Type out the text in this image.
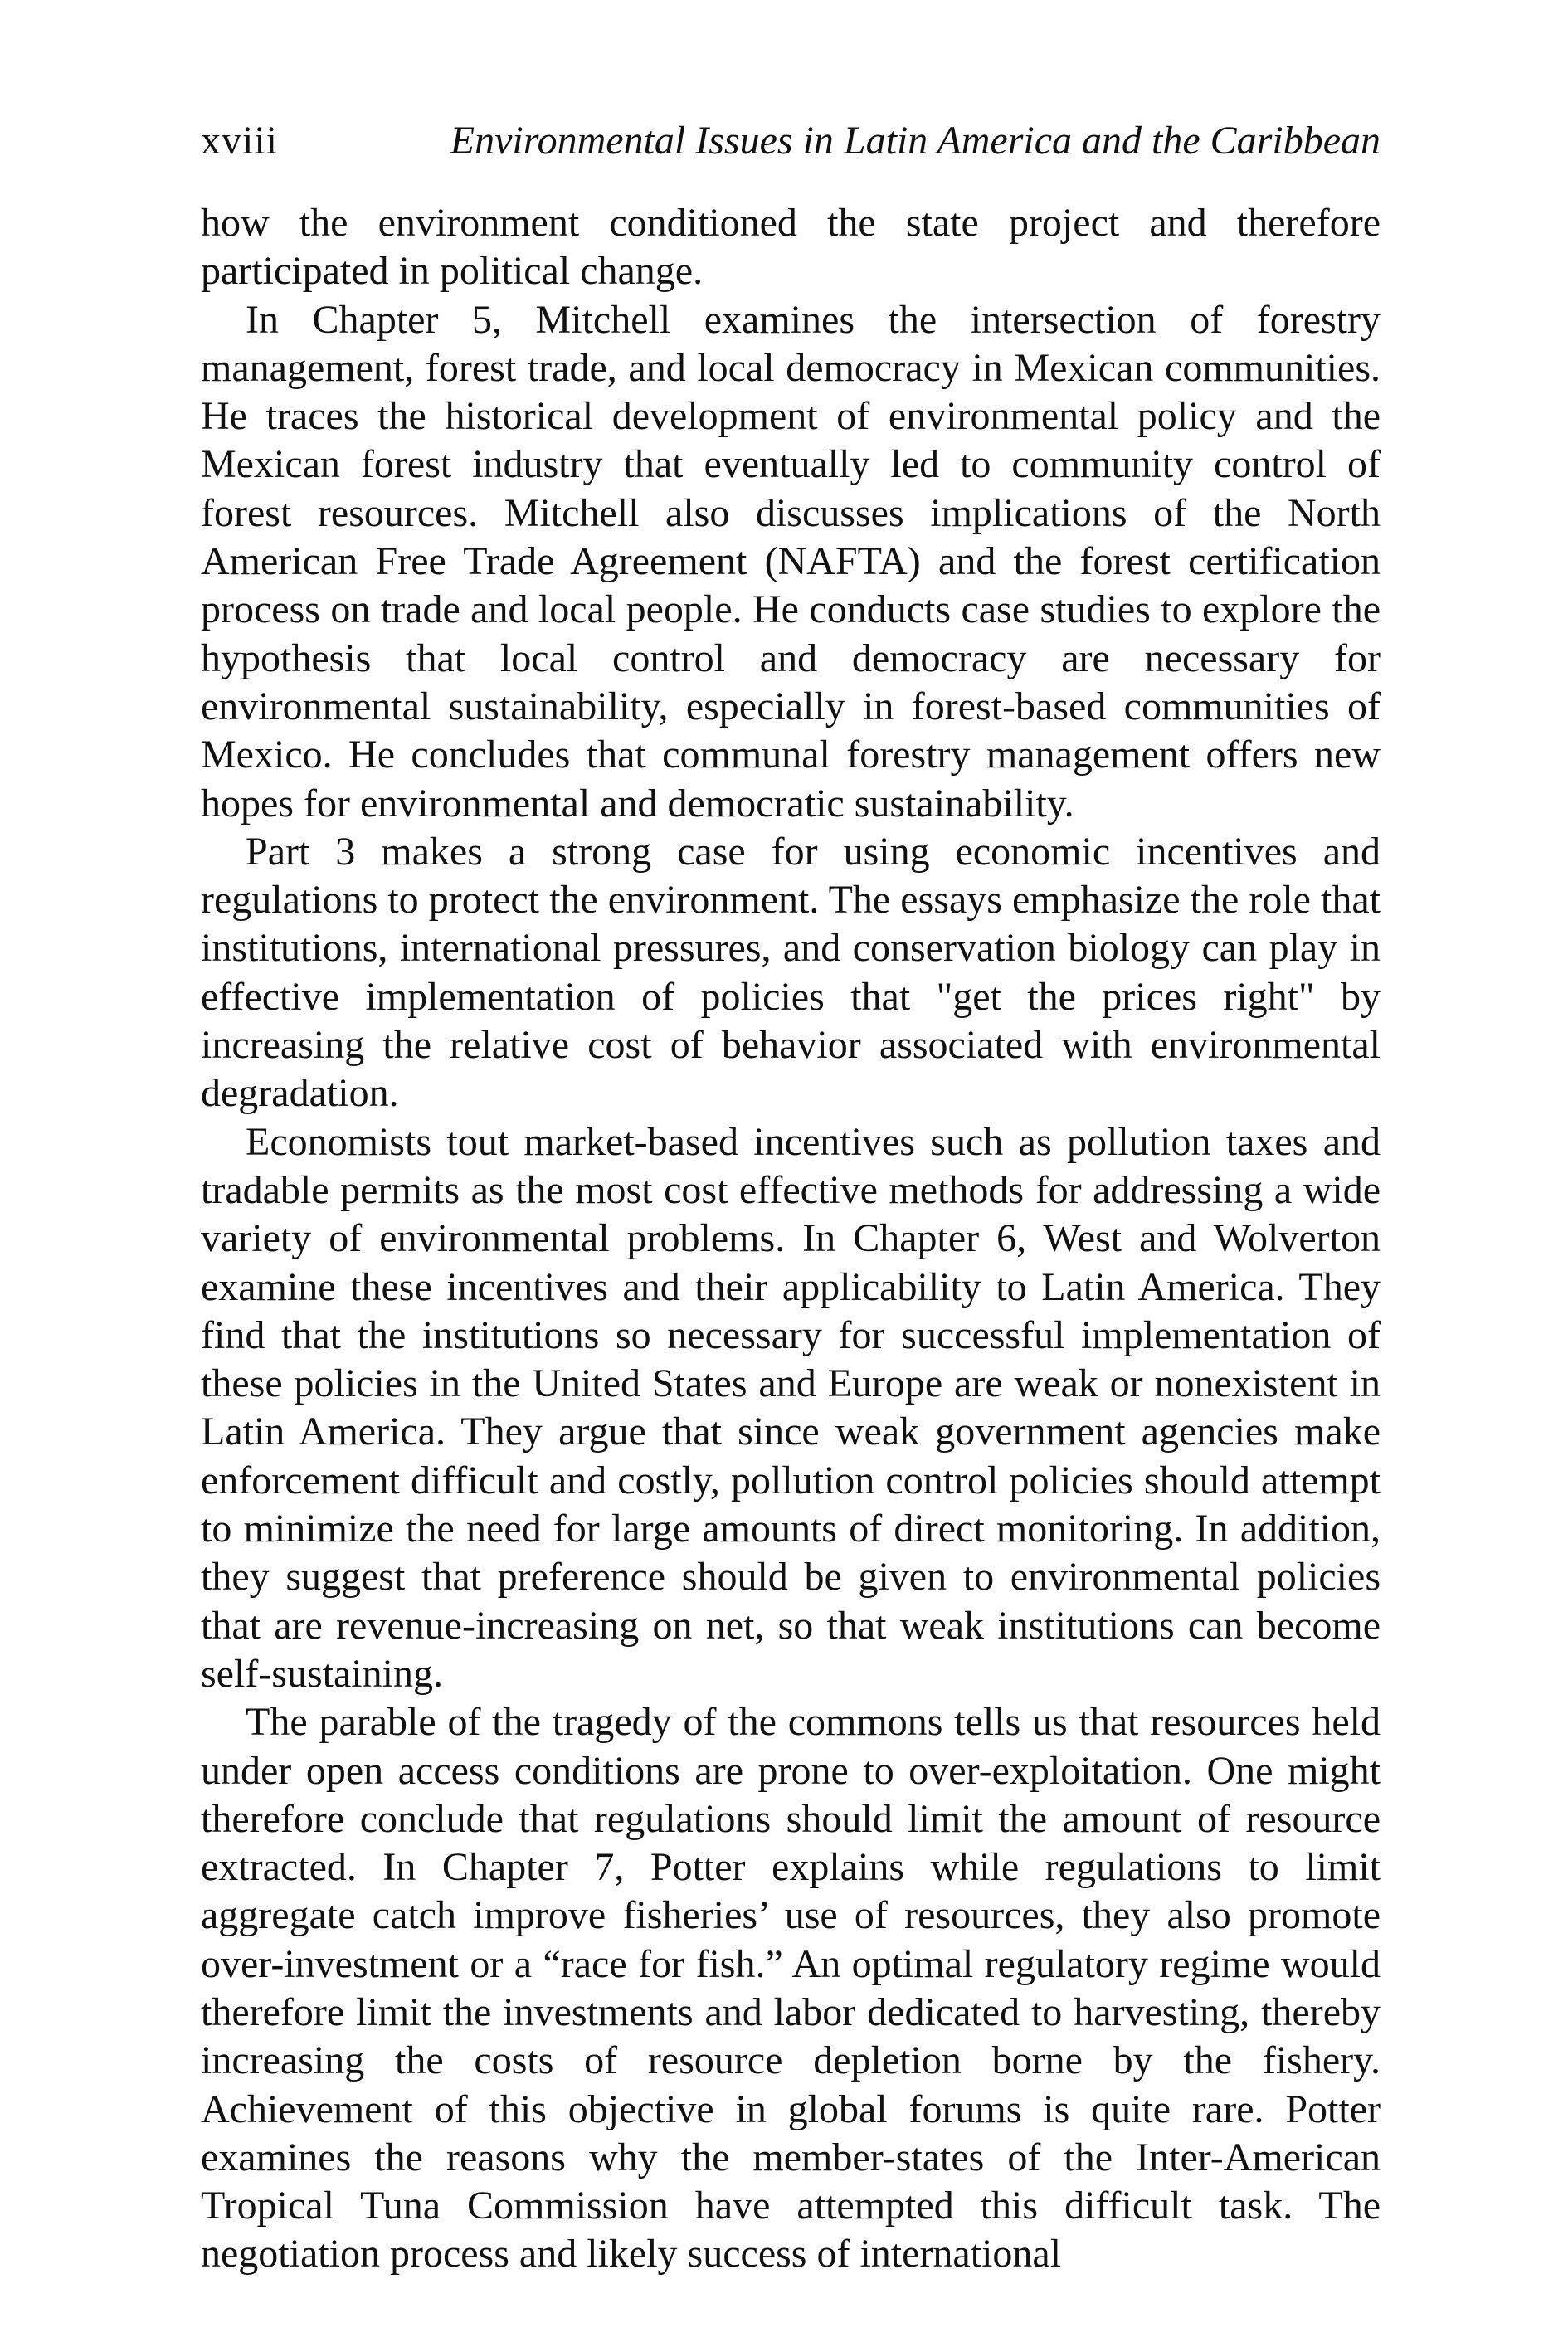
xviii	Environmental Issues in Latin America and the Caribbean

how the environment conditioned the state project and therefore participated in political change.

In Chapter 5, Mitchell examines the intersection of forestry management, forest trade, and local democracy in Mexican communities. He traces the historical development of environmental policy and the Mexican forest industry that eventually led to community control of forest resources. Mitchell also discusses implications of the North American Free Trade Agreement (NAFTA) and the forest certification process on trade and local people. He conducts case studies to explore the hypothesis that local control and democracy are necessary for environmental sustainability, especially in forest-based communities of Mexico. He concludes that communal forestry management offers new hopes for environmental and democratic sustainability.

Part 3 makes a strong case for using economic incentives and regulations to protect the environment. The essays emphasize the role that institutions, international pressures, and conservation biology can play in effective implementation of policies that "get the prices right" by increasing the relative cost of behavior associated with environmental degradation.

Economists tout market-based incentives such as pollution taxes and tradable permits as the most cost effective methods for addressing a wide variety of environmental problems. In Chapter 6, West and Wolverton examine these incentives and their applicability to Latin America. They find that the institutions so necessary for successful implementation of these policies in the United States and Europe are weak or nonexistent in Latin America. They argue that since weak government agencies make enforcement difficult and costly, pollution control policies should attempt to minimize the need for large amounts of direct monitoring. In addition, they suggest that preference should be given to environmental policies that are revenue-increasing on net, so that weak institutions can become self-sustaining.

The parable of the tragedy of the commons tells us that resources held under open access conditions are prone to over-exploitation. One might therefore conclude that regulations should limit the amount of resource extracted. In Chapter 7, Potter explains while regulations to limit aggregate catch improve fisheries’ use of resources, they also promote over-investment or a “race for fish.” An optimal regulatory regime would therefore limit the investments and labor dedicated to harvesting, thereby increasing the costs of resource depletion borne by the fishery. Achievement of this objective in global forums is quite rare. Potter examines the reasons why the member-states of the Inter-American Tropical Tuna Commission have attempted this difficult task. The negotiation process and likely success of international
